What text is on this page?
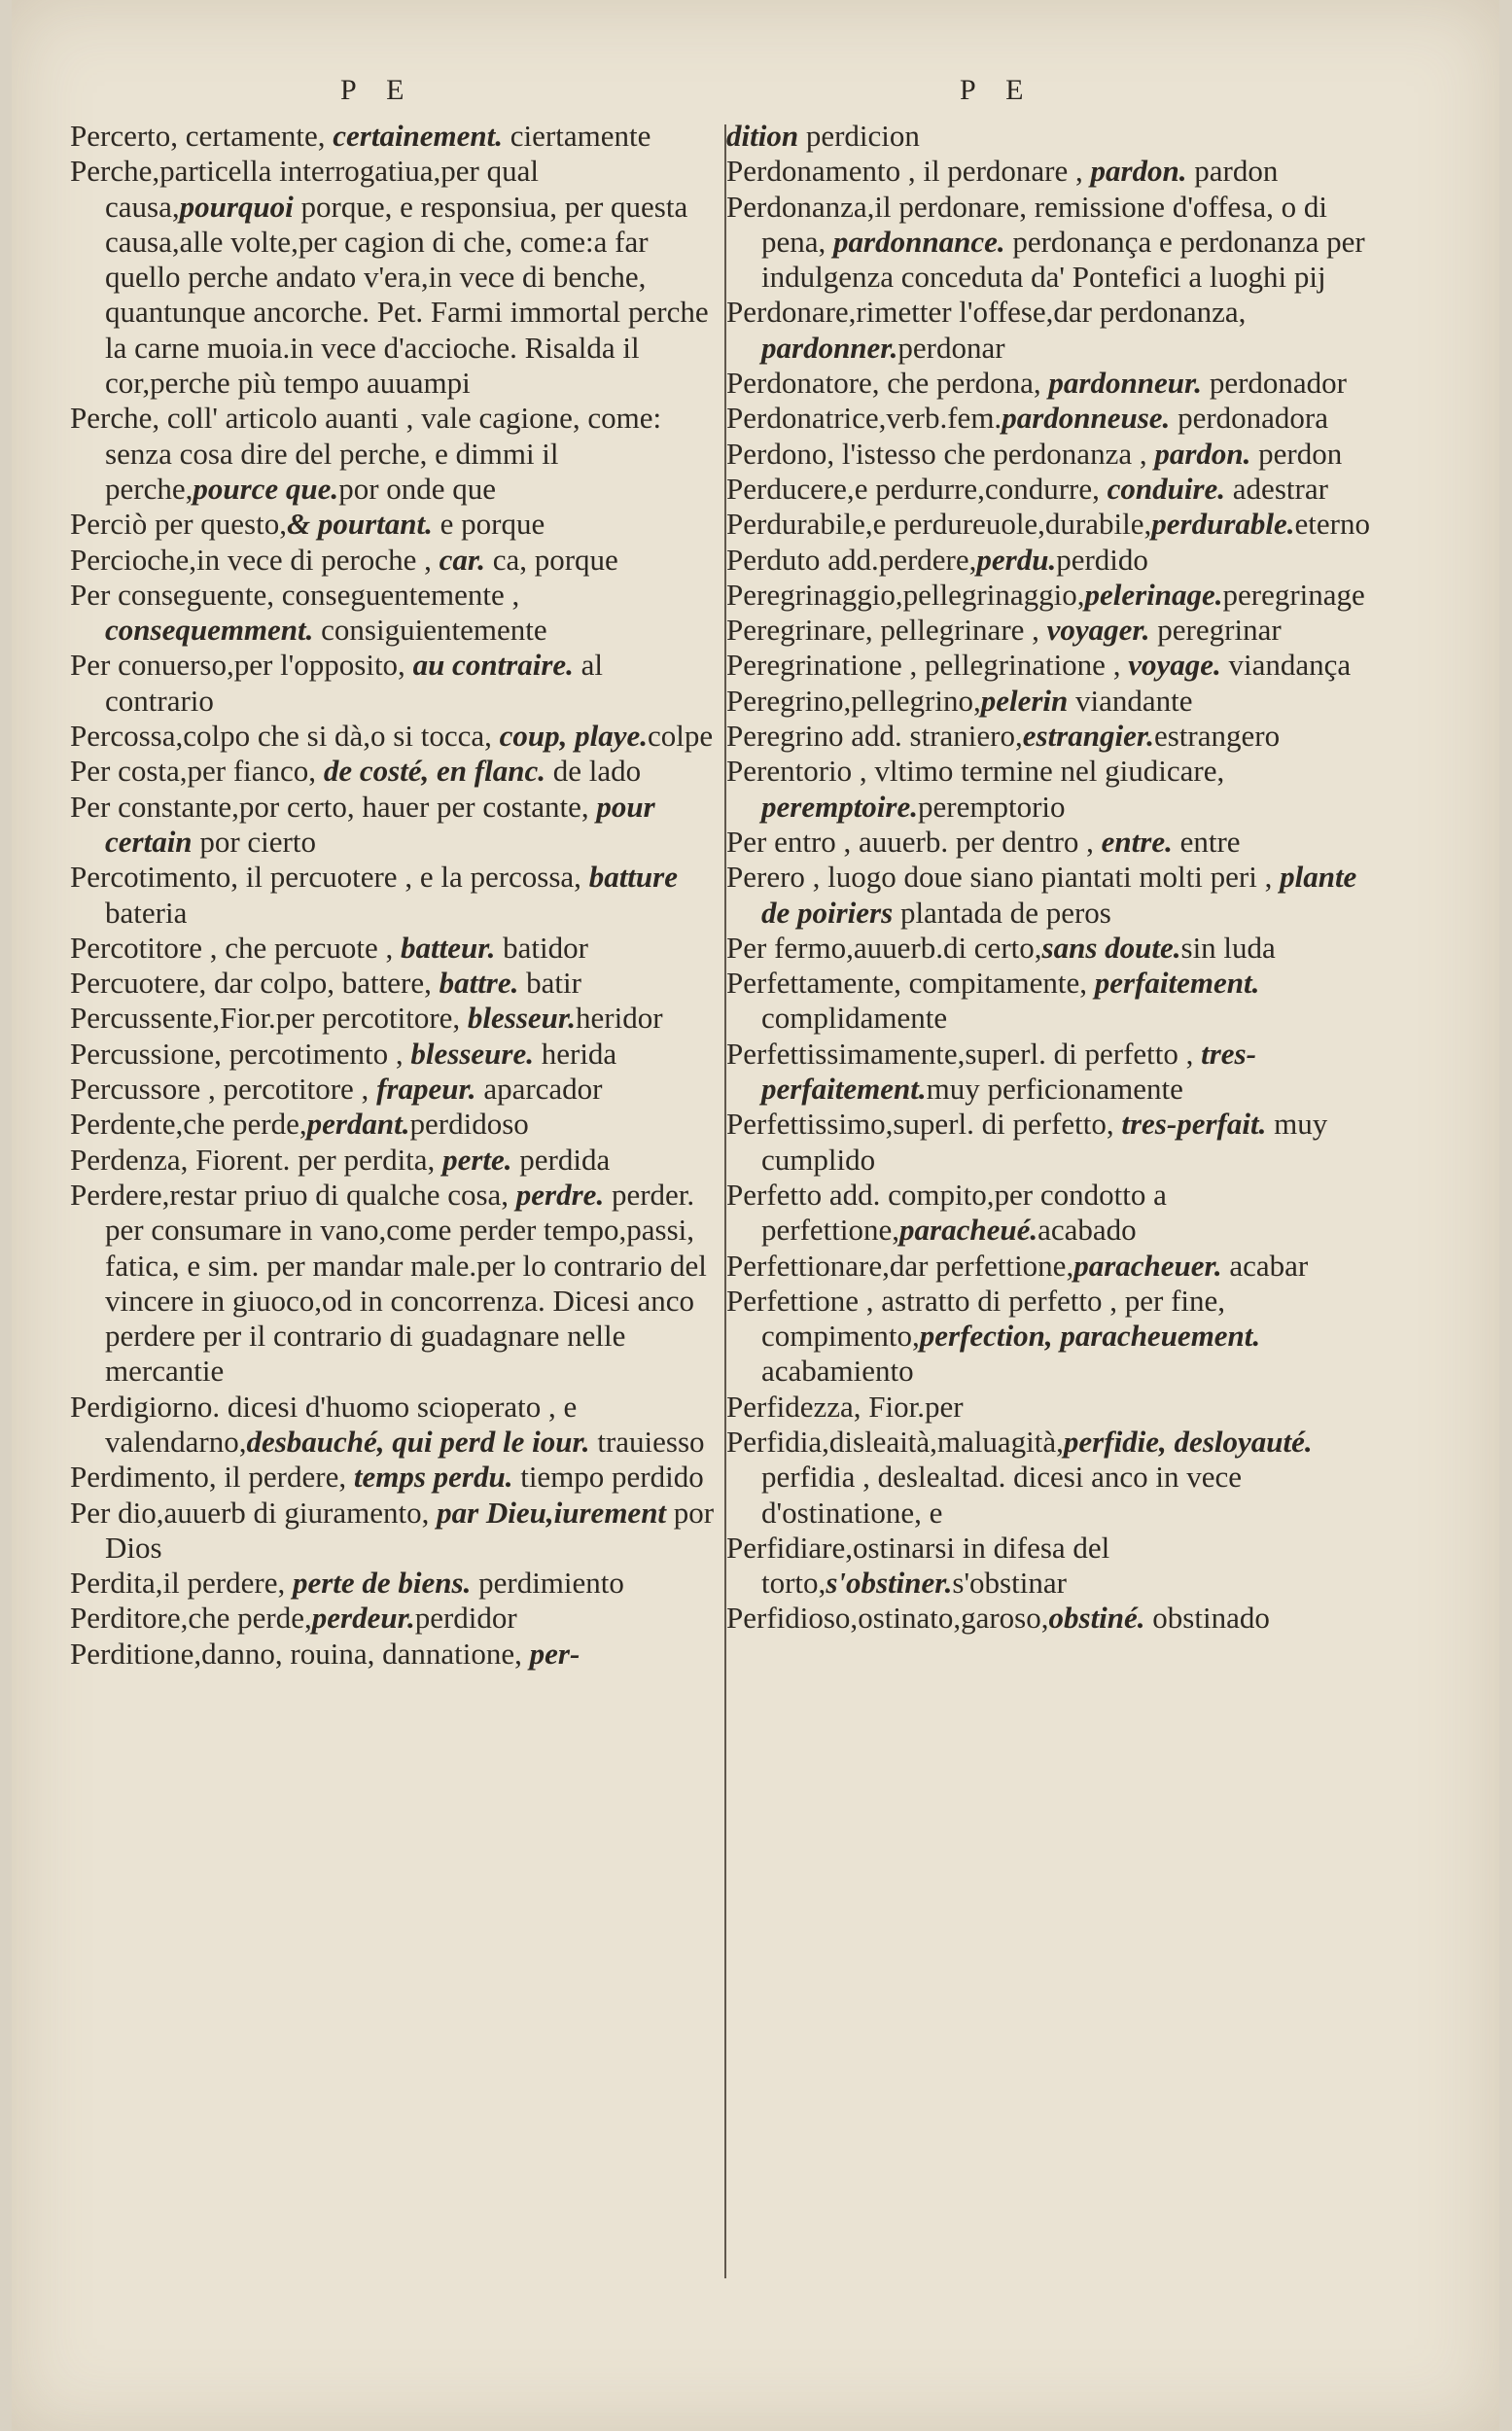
P E	P E

Percerto, certamente, certainement. ciertamente

Perche,particella interrogatiua,per qual causa,pourquoi porque, e responsiua, per questa causa,alle volte,per cagion di che, come:a far quello perche andato v'era,in vece di benche, quantunque ancorche. Pet. Farmi immortal perche la carne muoia.in vece d'accioche. Risalda il cor,perche più tempo auuampi

Perche, coll' articolo auanti , vale cagione, come: senza cosa dire del perche, e dimmi il perche,pource que.por onde que

Perciò per questo,& pourtant. e porque

Percioche,in vece di peroche , car. ca, porque

Per conseguente, conseguentemente , consequemment. consiguientemente

Per conuerso,per l'opposito, au contraire. al contrario

Percossa,colpo che si dà,o si tocca, coup, playe.colpe

Per costa,per fianco, de costé, en flanc. de lado

Per constante,por certo, hauer per costante, pour certain por cierto

Percotimento, il percuotere , e la percossa, batture bateria

Percotitore , che percuote , batteur. batidor

Percuotere, dar colpo, battere, battre. batir

Percussente,Fior.per percotitore, blesseur.heridor

Percussione, percotimento , blesseure. herida

Percussore , percotitore , frapeur. aparcador

Perdente,che perde,perdant.perdidoso

Perdenza, Fiorent. per perdita, perte. perdida

Perdere,restar priuo di qualche cosa, perdre. perder. per consumare in vano,come perder tempo,passi, fatica, e sim. per mandar male.per lo contrario del vincere in giuoco,od in concorrenza. Dicesi anco perdere per il contrario di guadagnare nelle mercantie

Perdigiorno. dicesi d'huomo scioperato , e valendarno,desbauché, qui perd le iour. trauiesso

Perdimento, il perdere, temps perdu. tiempo perdido

Per dio,auuerb di giuramento, par Dieu,iurement por Dios

Perdita,il perdere, perte de biens. perdimiento

Perditore,che perde,perdeur.perdidor

Perditione,danno, rouina, dannatione, per-

dition perdicion

Perdonamento , il perdonare , pardon. pardon

Perdonanza,il perdonare, remissione d'offesa, o di pena, pardonnance. perdonança e perdonanza per indulgenza conceduta da' Pontefici a luoghi pij

Perdonare,rimetter l'offese,dar perdonanza, pardonner.perdonar

Perdonatore, che perdona, pardonneur. perdonador

Perdonatrice,verb.fem.pardonneuse. perdonadora

Perdono, l'istesso che perdonanza , pardon. perdon

Perducere,e perdurre,condurre, conduire. adestrar

Perdurabile,e perdureuole,durabile,perdurable.eterno

Perduto add.perdere,perdu.perdido

Peregrinaggio,pellegrinaggio,pelerinage.peregrinage

Peregrinare, pellegrinare , voyager. peregrinar

Peregrinatione , pellegrinatione , voyage. viandança

Peregrino,pellegrino,pelerin viandante

Peregrino add. straniero,estrangier.estrangero

Perentorio , vltimo termine nel giudicare, peremptoire.peremptorio

Per entro , auuerb. per dentro , entre. entre

Perero , luogo doue siano piantati molti peri , plante de poiriers plantada de peros

Per fermo,auuerb.di certo,sans doute.sin luda

Perfettamente, compitamente, perfaitement. complidamente

Perfettissimamente,superl. di perfetto , tres-perfaitement.muy perficionamente

Perfettissimo,superl. di perfetto, tres-perfait. muy cumplido

Perfetto add. compito,per condotto a perfettione,paracheué.acabado

Perfettionare,dar perfettione,paracheuer. acabar

Perfettione , astratto di perfetto , per fine, compimento,perfection, paracheuement. acabamiento

Perfidezza, Fior.per

Perfidia,disleaità,maluagità,perfidie, desloyauté. perfidia , deslealtad. dicesi anco in vece d'ostinatione, e

Perfidiare,ostinarsi in difesa del torto,s'obstiner.s'obstinar

Perfidioso,ostinato,garoso,obstiné. obstinado
